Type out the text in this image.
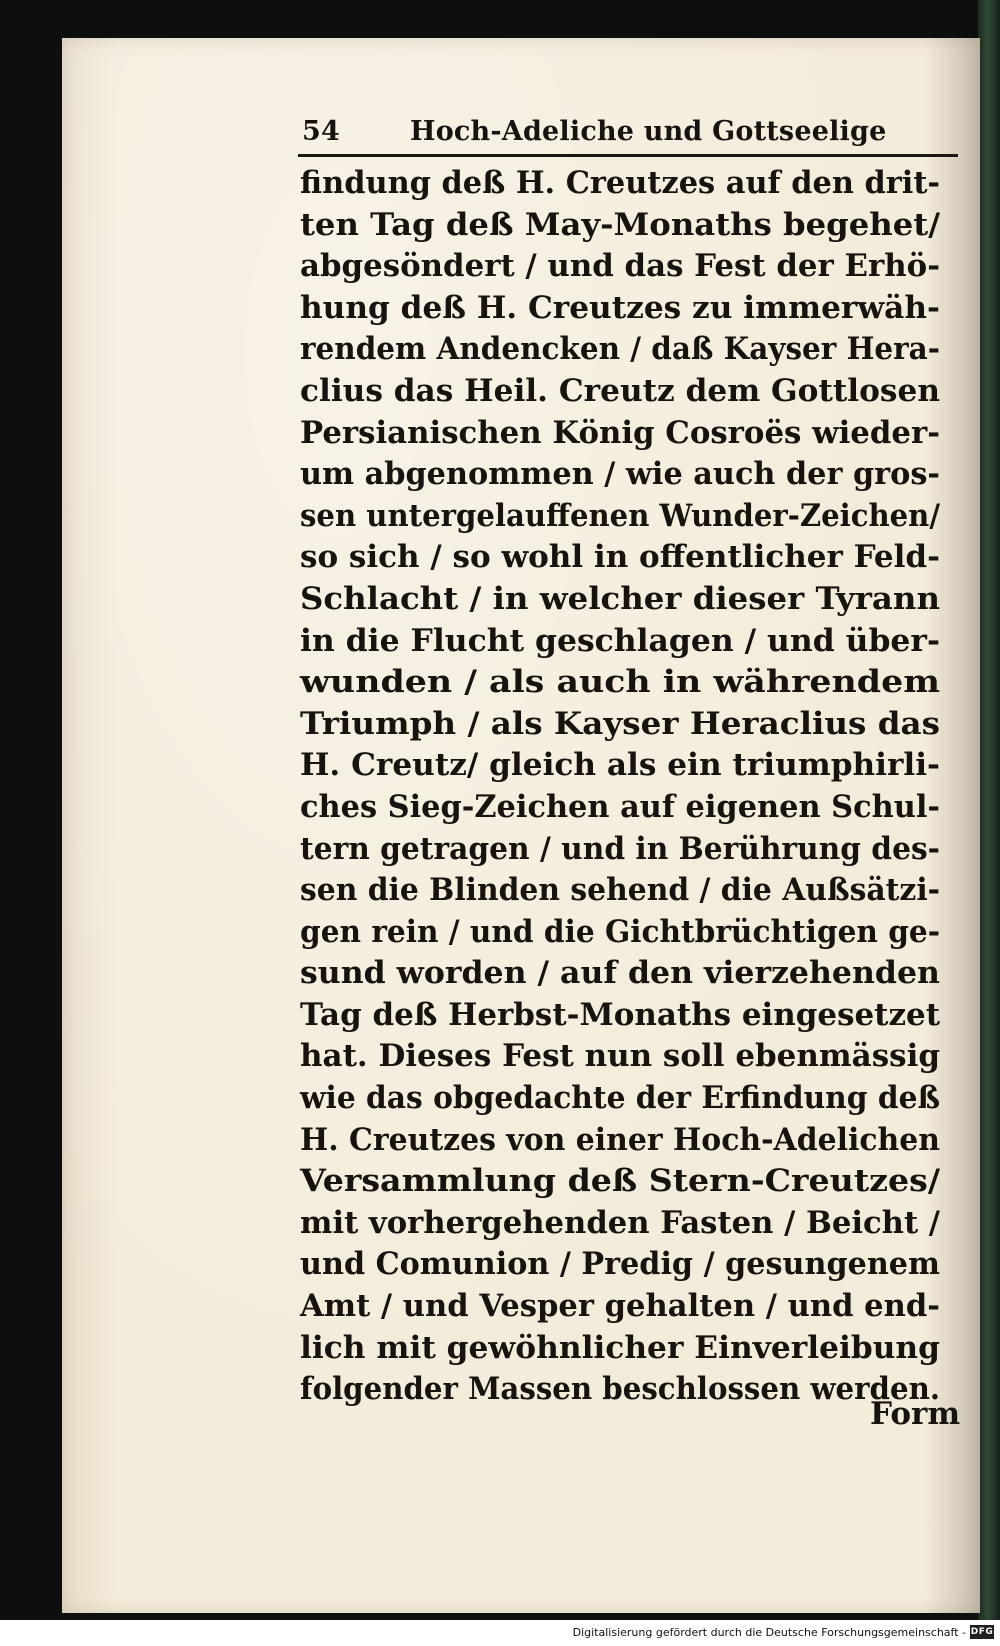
54	Hoch-Adeliche und Gottseelige
findung deß H. Creutzes auf den drit-
ten Tag deß May-Monaths begehet/
abgesöndert / und das Fest der Erhö-
hung deß H. Creutzes zu immerwäh-
rendem Andencken / daß Kayser Hera-
clius das Heil. Creutz dem Gottlosen
Persianischen König Cosroës wieder-
um abgenommen / wie auch der gros-
sen untergelauffenen Wunder-Zeichen/
so sich / so wohl in offentlicher Feld-
Schlacht / in welcher dieser Tyrann
in die Flucht geschlagen / und über-
wunden / als auch in währendem
Triumph / als Kayser Heraclius das
H. Creutz/ gleich als ein triumphirli-
ches Sieg-Zeichen auf eigenen Schul-
tern getragen / und in Berührung des-
sen die Blinden sehend / die Außsätzi-
gen rein / und die Gichtbrüchtigen ge-
sund worden / auf den vierzehenden
Tag deß Herbst-Monaths eingesetzet
hat. Dieses Fest nun soll ebenmässig
wie das obgedachte der Erfindung deß
H. Creutzes von einer Hoch-Adelichen
Versammlung deß Stern-Creutzes/
mit vorhergehenden Fasten / Beicht /
und Comunion / Predig / gesungenem
Amt / und Vesper gehalten / und end-
lich mit gewöhnlicher Einverleibung
folgender Massen beschlossen werden.
Form
Digitalisierung gefördert durch die Deutsche Forschungsgemeinschaft - DFG
